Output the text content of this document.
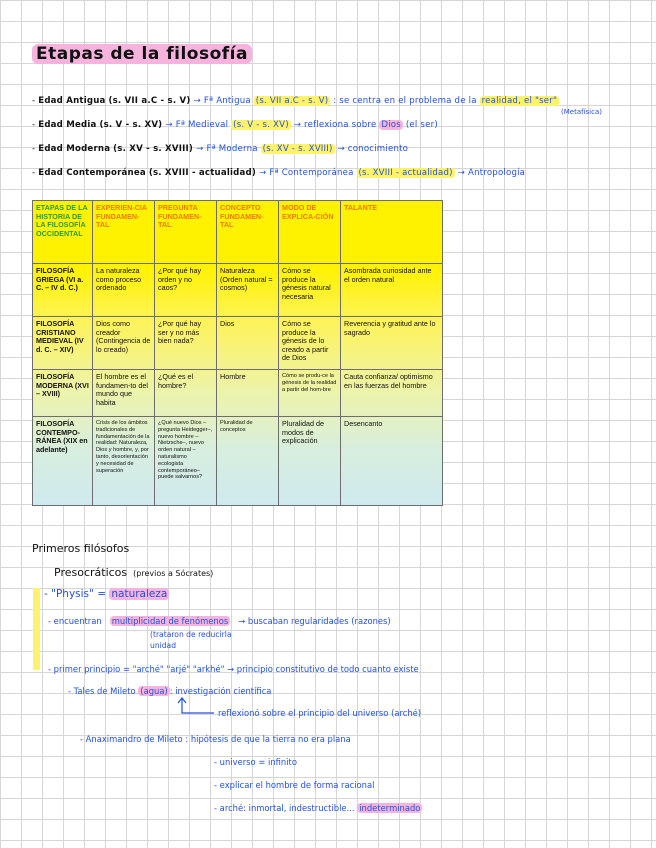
Etapas de la filosofía
- Edad Antigua (s. VII a.C - s. V) → Fª Antigua (s. VII a.C - s. V) : se centra en el problema de la realidad, el "ser"
(Metafísica)
- Edad Media (s. V - s. XV) → Fª Medieval (s. V - s. XV) → reflexiona sobre Dios (el ser)
- Edad Moderna (s. XV - s. XVIII) → Fª Moderna (s. XV - s. XVIII) → conocimiento
- Edad Contemporánea (s. XVIII - actualidad) → Fª Contemporánea (s. XVIII - actualidad) → Antropología
ETAPAS DE LA HISTORIA DE LA FILOSOFÍA OCCIDENTAL	EXPERIEN-CIA FUNDAMEN-TAL	PREGUNTA FUNDAMEN-TAL	CONCEPTO FUNDAMEN-TAL	MODO DE EXPLICA-CIÓN	TALANTE
FILOSOFÍA GRIEGA (VI a. C. – IV d. C.)	La naturaleza como proceso ordenado	¿Por qué hay orden y no caos?	Naturaleza (Orden natural = cosmos)	Cómo se produce la génesis natural necesaria	Asombrada curiosidad ante el orden natural
FILOSOFÍA CRISTIANO MEDIEVAL (IV d. C. – XIV)	Dios como creador (Contingencia de lo creado)	¿Por qué hay ser y no más bien nada?	Dios	Cómo se produce la génesis de lo creado a partir de Dios	Reverencia y gratitud ante lo sagrado
FILOSOFÍA MODERNA (XVI – XVIII)	El hombre es el fundamen-to del mundo que habita	¿Qué es el hombre?	Hombre	Cómo se produ-ce la génesis de la realidad a partir del hom-bre	Cauta confianza/ optimismo en las fuerzas del hombre
FILOSOFÍA CONTEMPO-RÁNEA (XIX en adelante)	Crisis de los ámbitos tradicionales de fundamentación de la realidad: Naturaleza, Dios y hombre, y, por tanto, desorientación y necesidad de superación	¿Qué nuevo Dios –pregunta Heidegger–, nuevo hombre –Nietzsche–, nuevo orden natural –naturalismo ecologista contemporáneo– puede salvarnos?	Pluralidad de conceptos	Pluralidad de modos de explicación	Desencanto
Primeros filósofos
Presocráticos (previos a Sócrates)
- "Physis" = naturaleza
- encuentran multiplicidad de fenómenos → buscaban regularidades (razones)
(trataron de reducirla
unidad
- primer principio = "arché" "arjé" "arkhé" → principio constitutivo de todo cuanto existe
- Tales de Mileto (agua) : investigación científica
reflexionó sobre el principio del universo (arché)
- Anaximandro de Mileto : hipótesis de que la tierra no era plana
- universo = infinito
- explicar el hombre de forma racional
- arché: inmortal, indestructible... indeterminado
